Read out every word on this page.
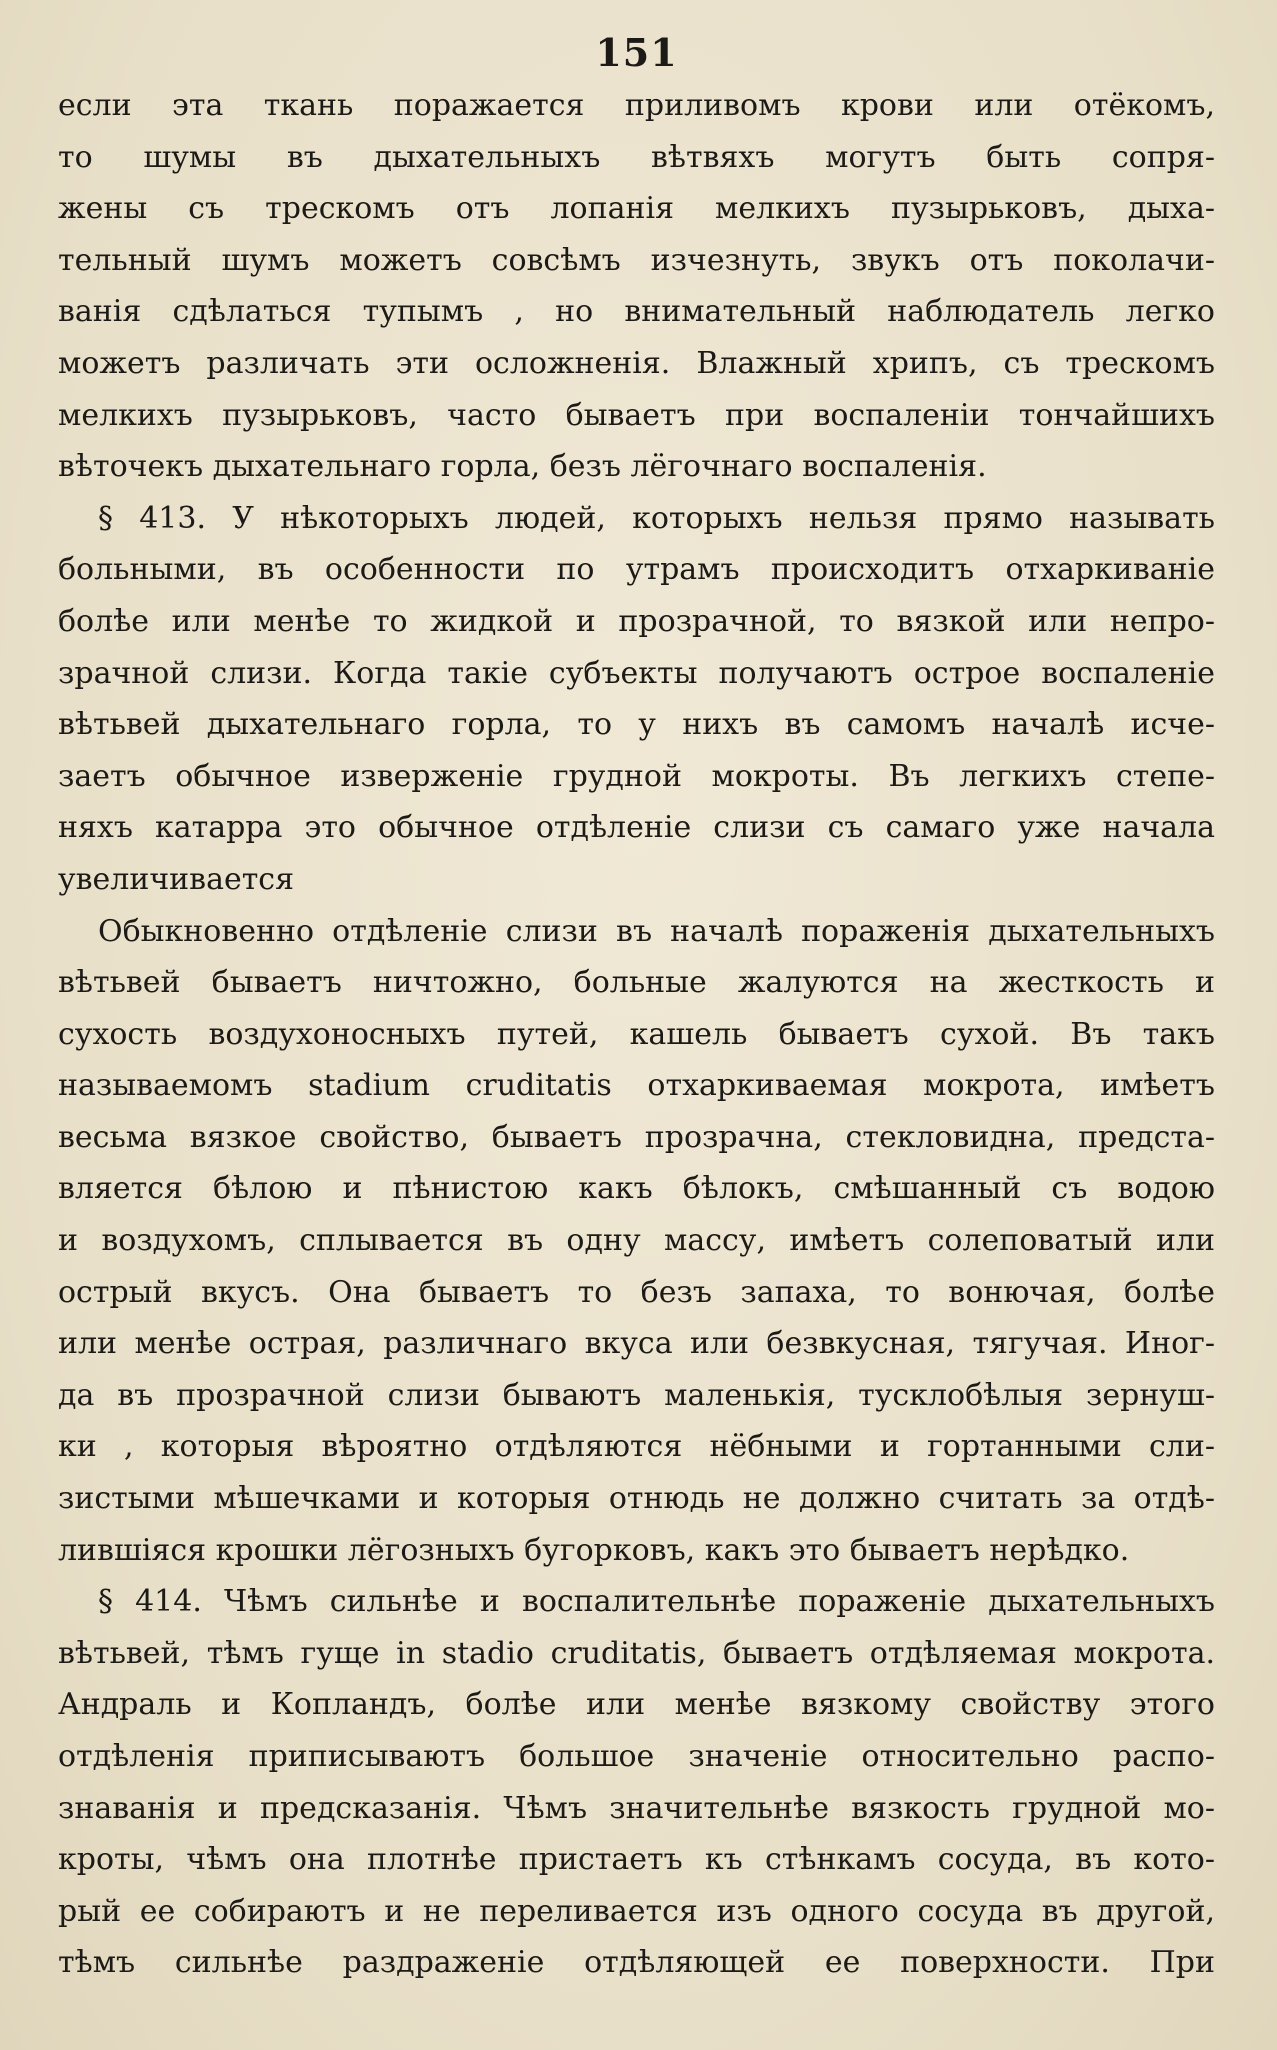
151
если эта ткань поражается приливомъ крови или отёкомъ,
то шумы въ дыхательныхъ вѣтвяхъ могутъ быть сопря-
жены съ трескомъ отъ лопанія мелкихъ пузырьковъ, дыха-
тельный шумъ можетъ совсѣмъ изчезнуть, звукъ отъ поколачи-
ванія сдѣлаться тупымъ , но внимательный наблюдатель легко
можетъ различать эти осложненія. Влажный хрипъ, съ трескомъ
мелкихъ пузырьковъ, часто бываетъ при воспаленіи тончайшихъ
вѣточекъ дыхательнаго горла, безъ лёгочнаго воспаленія.
§ 413. У нѣкоторыхъ людей, которыхъ нельзя прямо называть
больными, въ особенности по утрамъ происходитъ отхаркиваніе
болѣе или менѣе то жидкой и прозрачной, то вязкой или непро-
зрачной слизи. Когда такіе субъекты получаютъ острое воспаленіе
вѣтьвей дыхательнаго горла, то у нихъ въ самомъ началѣ исче-
заетъ обычное изверженіе грудной мокроты. Въ легкихъ степе-
няхъ катарра это обычное отдѣленіе слизи съ самаго уже начала
увеличивается
Обыкновенно отдѣленіе слизи въ началѣ пораженія дыхательныхъ
вѣтьвей бываетъ ничтожно, больные жалуются на жесткость и
сухость воздухоносныхъ путей, кашель бываетъ сухой. Въ такъ
называемомъ stadium cruditatis отхаркиваемая мокрота, имѣетъ
весьма вязкое свойство, бываетъ прозрачна, стекловидна, предста-
вляется бѣлою и пѣнистою какъ бѣлокъ, смѣшанный съ водою
и воздухомъ, сплывается въ одну массу, имѣетъ солеповатый или
острый вкусъ. Она бываетъ то безъ запаха, то вонючая, болѣе
или менѣе острая, различнаго вкуса или безвкусная, тягучая. Иног-
да въ прозрачной слизи бываютъ маленькія, тусклобѣлыя зернуш-
ки , которыя вѣроятно отдѣляются нёбными и гортанными сли-
зистыми мѣшечками и которыя отнюдь не должно считать за отдѣ-
лившіяся крошки лёгозныхъ бугорковъ, какъ это бываетъ нерѣдко.
§ 414. Чѣмъ сильнѣе и воспалительнѣе пораженіе дыхательныхъ
вѣтьвей, тѣмъ гуще in stadio cruditatis, бываетъ отдѣляемая мокрота.
Андраль и Копландъ, болѣе или менѣе вязкому свойству этого
отдѣленія приписываютъ большое значеніе относительно распо-
знаванія и предсказанія. Чѣмъ значительнѣе вязкость грудной мо-
кроты, чѣмъ она плотнѣе пристаетъ къ стѣнкамъ сосуда, въ кото-
рый ее собираютъ и не переливается изъ одного сосуда въ другой,
тѣмъ сильнѣе раздраженіе отдѣляющей ее поверхности. При
